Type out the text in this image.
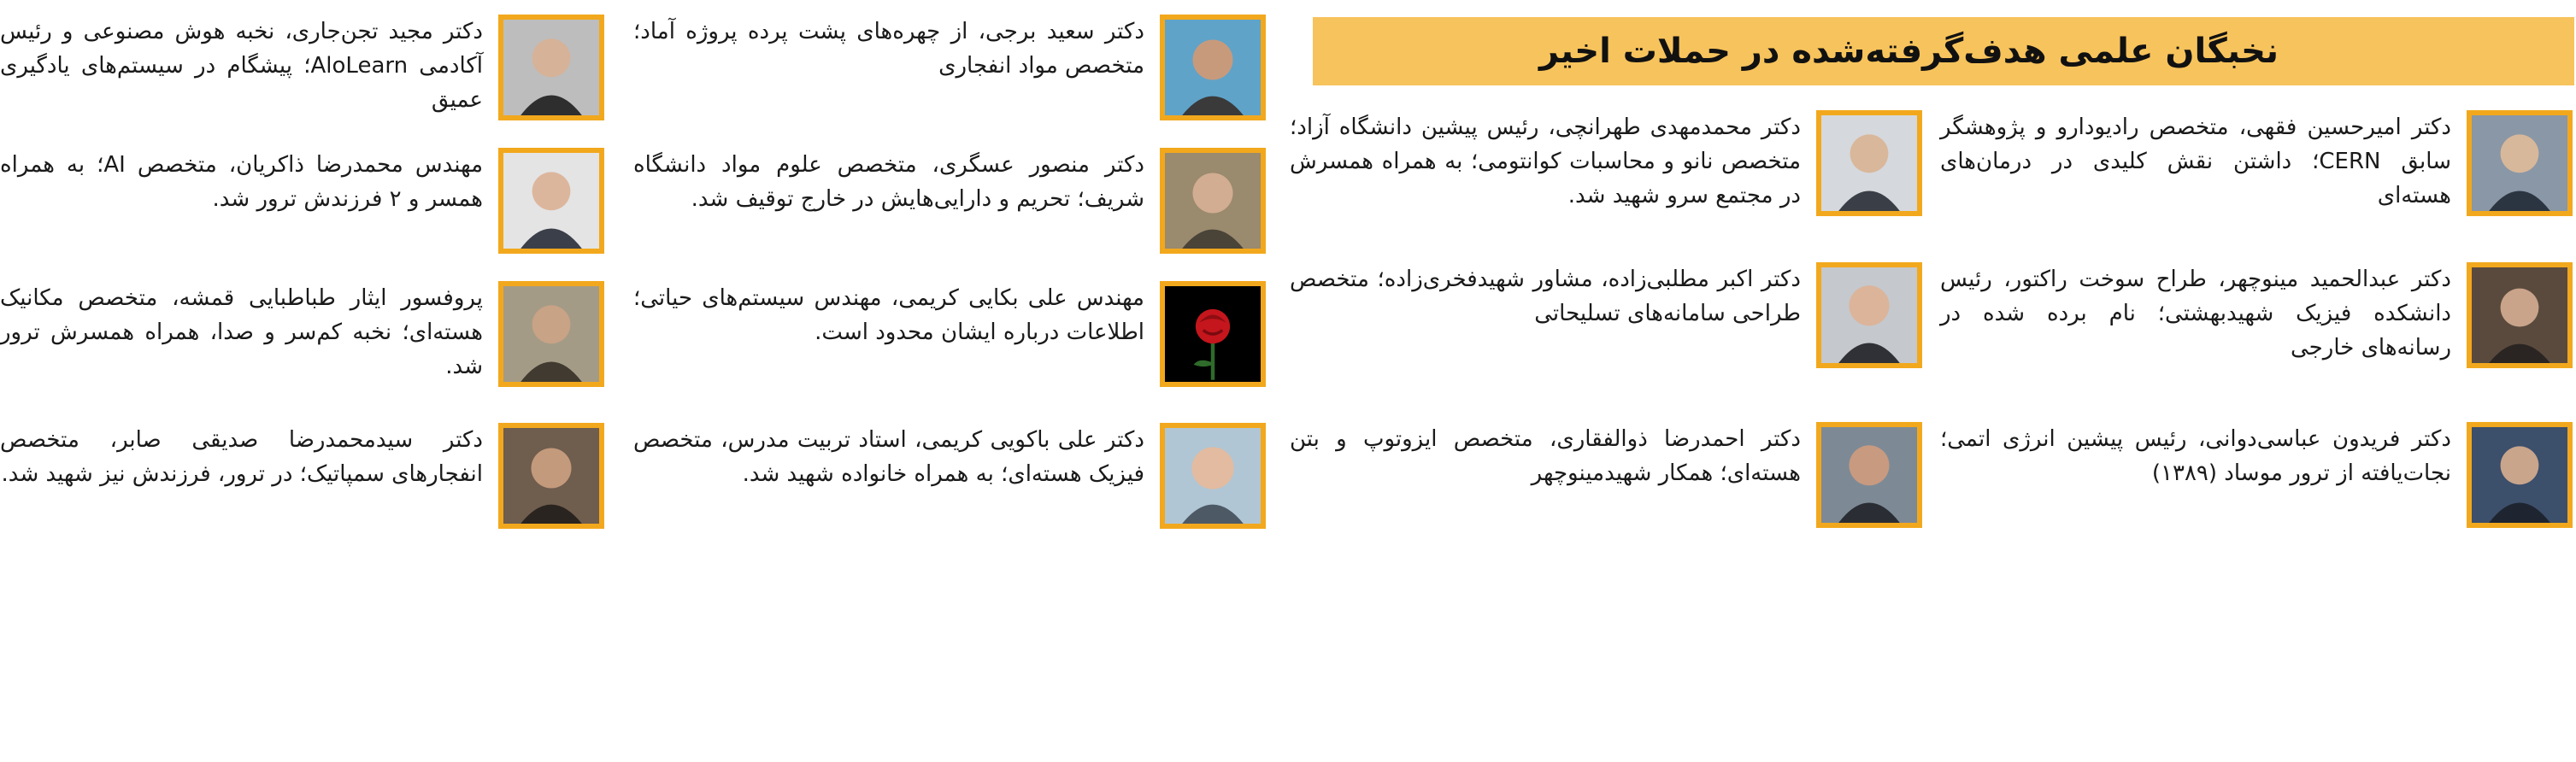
نخبگان علمی هدف‌گرفته‌شده در حملات اخیر
دکتر امیرحسین فقهی، متخصص رادیودارو و پژوهشگر سابق CERN؛ داشتن نقش کلیدی در درمان‌های هسته‌ای
دکتر محمدمهدی طهرانچی، رئیس پیشین دانشگاه آزاد؛ متخصص نانو و محاسبات کوانتومی؛ به همراه همسرش در مجتمع سرو شهید شد.
دکتر عبدالحمید مینوچهر، طراح سوخت راکتور، رئیس دانشکده فیزیک شهیدبهشتی؛ نام برده شده در رسانه‌های خارجی
دکتر اکبر مطلبی‌زاده، مشاور شهیدفخری‌زاده؛ متخصص طراحی سامانه‌های تسلیحاتی
دکتر فریدون عباسی‌دوانی، رئیس پیشین انرژی اتمی؛ نجات‌یافته از ترور موساد (۱۳۸۹)
دکتر احمدرضا ذوالفقاری، متخصص ایزوتوپ و بتن هسته‌ای؛ همکار شهیدمینوچهر
دکتر سعید برجی، از چهره‌های پشت پرده پروژه آماد؛ متخصص مواد انفجاری
دکتر منصور عسگری، متخصص علوم مواد دانشگاه شریف؛ تحریم و دارایی‌هایش در خارج توقیف شد.
مهندس علی بکایی کریمی، مهندس سیستم‌های حیاتی؛ اطلاعات درباره ایشان محدود است.
دکتر علی باکویی کریمی، استاد تربیت مدرس، متخصص فیزیک هسته‌ای؛ به همراه خانواده شهید شد.
دکتر مجید تجن‌جاری، نخبه هوش مصنوعی و رئیس آکادمی AloLearn؛ پیشگام در سیستم‌های یادگیری عمیق
مهندس محمدرضا ذاکریان، متخصص AI؛ به همراه همسر و ۲ فرزندش ترور شد.
پروفسور ایثار طباطبایی قمشه، متخصص مکانیک هسته‌ای؛ نخبه کم‌سر و صدا، همراه همسرش ترور شد.
دکتر سیدمحمدرضا صدیقی صابر، متخصص انفجارهای سمپاتیک؛ در ترور، فرزندش نیز شهید شد.
